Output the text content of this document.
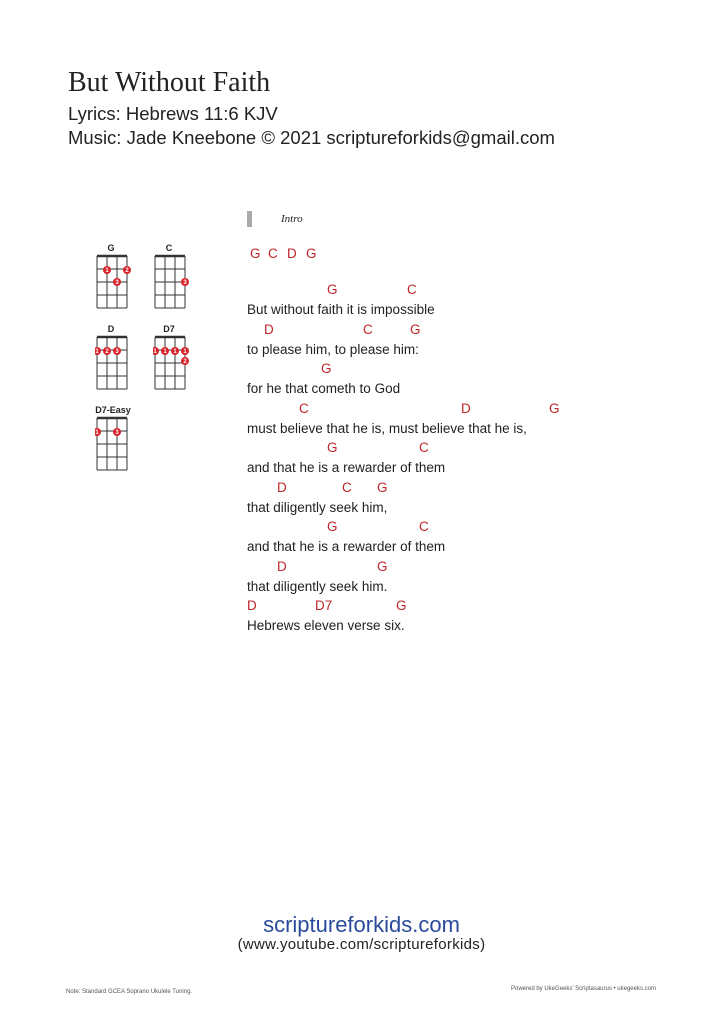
But Without Faith
Lyrics: Hebrews 11:6 KJV
Music: Jade Kneebone © 2021 scriptureforkids@gmail.com
G
1	2
3
C
3
D
1 2 3
D7
1 1 1 1
2
D7-Easy
1	3
Intro
G C D G
G	C
But without faith it is impossible
D	C	G
to please him, to please him:
G
for he that cometh to God
C	D	G
must believe that he is, must believe that he is,
G	C
and that he is a rewarder of them
D	C G
that diligently seek him,
G	C
and that he is a rewarder of them
D	G
that diligently seek him.
D	D7	G
Hebrews eleven verse six.
scriptureforkids.com
(www.youtube.com/scriptureforkids)
Note: Standard GCEA Soprano Ukulele Tuning.	Powered by UkeGeeks' Scriptasaurus • ukegeeks.com
